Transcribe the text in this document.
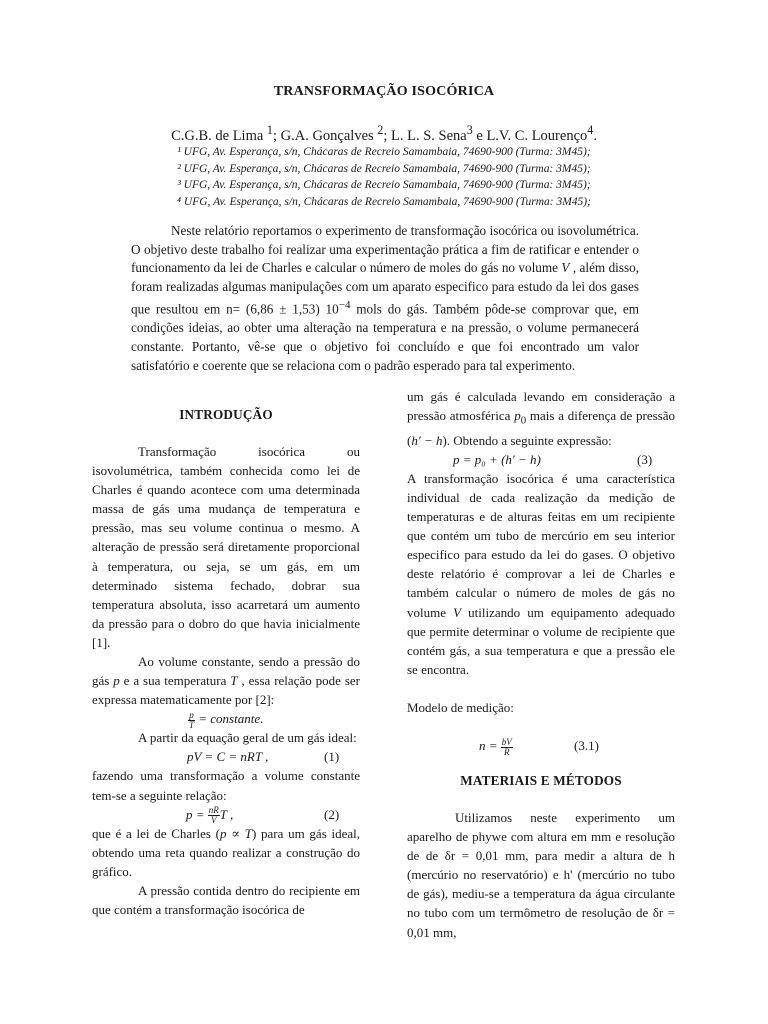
TRANSFORMAÇÃO ISOCÓRICA
C.G.B. de Lima $^1$; G.A. Gonçalves $^2$; L. L. S. Sena$^3$ e L.V. C. Lourenço$^4$.
¹ UFG, Av. Esperança, s/n, Chácaras de Recreio Samambaia, 74690-900 (Turma: 3M45);
² UFG, Av. Esperança, s/n, Chácaras de Recreio Samambaia, 74690-900 (Turma: 3M45);
³ UFG, Av. Esperança, s/n, Chácaras de Recreio Samambaia, 74690-900 (Turma: 3M45);
⁴ UFG, Av. Esperança, s/n, Chácaras de Recreio Samambaia, 74690-900 (Turma: 3M45);

Neste relatório reportamos o experimento de transformação isocórica ou isovolumétrica. O objetivo deste trabalho foi realizar uma experimentação prática a fim de ratificar e entender o funcionamento da lei de Charles e calcular o número de moles do gás no volume V , além disso, foram realizadas algumas manipulações com um aparato especifico para estudo da lei dos gases que resultou em n= (6,86 ± 1,53) $10^{-4}$ mols do gás. Também pôde-se comprovar que, em condições ideias, ao obter uma alteração na temperatura e na pressão, o volume permanecerá constante. Portanto, vê-se que o objetivo foi concluído e que foi encontrado um valor satisfatório e coerente que se relaciona com o padrão esperado para tal experimento.

INTRODUÇÃO

Transformação isocórica ou isovolumétrica, também conhecida como lei de Charles é quando acontece com uma determinada massa de gás uma mudança de temperatura e pressão, mas seu volume continua o mesmo. A alteração de pressão será diretamente proporcional à temperatura, ou seja, se um gás, em um determinado sistema fechado, dobrar sua temperatura absoluta, isso acarretará um aumento da pressão para o dobro do que havia inicialmente [1].

Ao volume constante, sendo a pressão do gás p e a sua temperatura T , essa relação pode ser expressa matematicamente por [2]:

$\frac{p}{T}$ = constante.

A partir da equação geral de um gás ideal:

pV = C = nRT ,	(1)

fazendo uma transformação a volume constante tem-se a seguinte relação:

$p = \frac{nR}{V}$ T ,	(2)

que é a lei de Charles (p ∝ T) para um gás ideal, obtendo uma reta quando realizar a construção do gráfico.

A pressão contida dentro do recipiente em que contém a transformação isocórica de

um gás é calculada levando em consideração a pressão atmosférica $p_0$ mais a diferença de pressão (h′ − h). Obtendo a seguinte expressão:

p = p₀ + (h′ − h)	(3)

A transformação isocórica é uma característica individual de cada realização da medição de temperaturas e de alturas feitas em um recipiente que contém um tubo de mercúrio em seu interior especifico para estudo da lei do gases. O objetivo deste relatório é comprovar a lei de Charles e também calcular o número de moles de gás no volume V utilizando um equipamento adequado que permite determinar o volume de recipiente que contém gás, a sua temperatura e que a pressão ele se encontra.

Modelo de medição:

$n = \frac{bV}{R}$	(3.1)
MATERIAIS E MÉTODOS

Utilizamos neste experimento um aparelho de phywe com altura em mm e resolução de de δr = 0,01 mm, para medir a altura de h (mercúrio no reservatório) e h' (mercúrio no tubo de gás), mediu-se a temperatura da água circulante no tubo com um termômetro de resolução de δr = 0,01 mm,
